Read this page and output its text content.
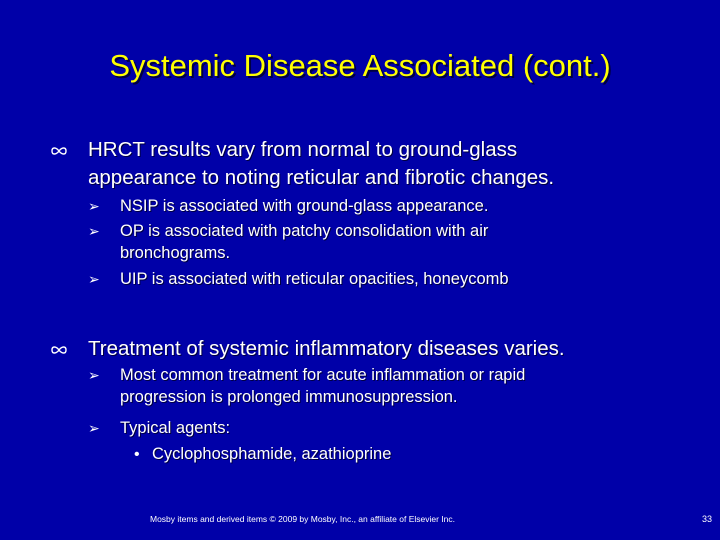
Systemic Disease Associated (cont.)
HRCT results vary from normal to ground-glass
appearance to noting reticular and fibrotic changes.
➢ NSIP is associated with ground-glass appearance.
➢ OP is associated with patchy consolidation with air
bronchograms.
➢ UIP is associated with reticular opacities, honeycomb
Treatment of systemic inflammatory diseases varies.
➢ Most common treatment for acute inflammation or rapid
progression is prolonged immunosuppression.
➢ Typical agents:
• Cyclophosphamide, azathioprine
Mosby items and derived items © 2009 by Mosby, Inc., an affiliate of Elsevier Inc.	33
